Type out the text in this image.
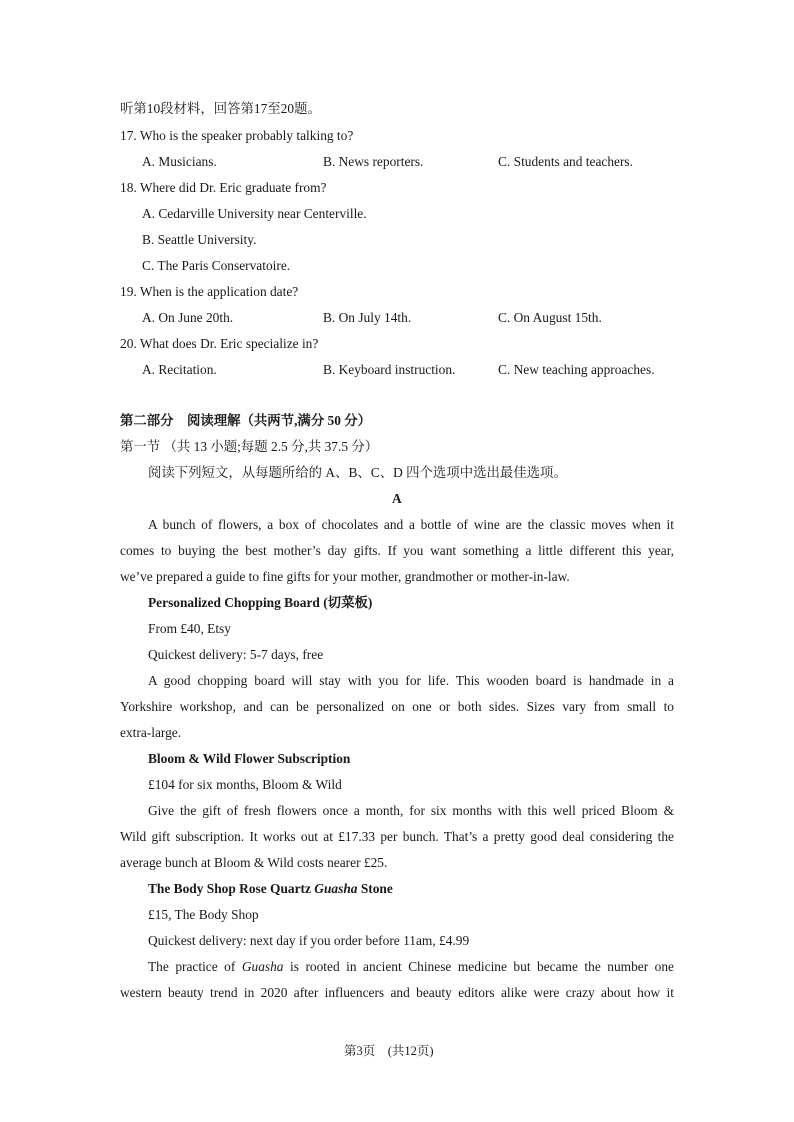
听第10段材料，回答第17至20题。
17. Who is the speaker probably talking to?
A. Musicians.	B. News reporters.	C. Students and teachers.
18. Where did Dr. Eric graduate from?
A. Cedarville University near Centerville.
B. Seattle University.
C. The Paris Conservatoire.
19. When is the application date?
A. On June 20th.	B. On July 14th.	C. On August 15th.
20. What does Dr. Eric specialize in?
A. Recitation.	B. Keyboard instruction.	C. New teaching approaches.
第二部分　阅读理解（共两节,满分 50 分）
第一节 （共 13 小题;每题 2.5 分,共 37.5 分）
阅读下列短文，从每题所给的 A、B、C、D 四个选项中选出最佳选项。
A
A bunch of flowers, a box of chocolates and a bottle of wine are the classic moves when it
comes to buying the best mother’s day gifts. If you want something a little different this year,
we’ve prepared a guide to fine gifts for your mother, grandmother or mother-in-law.
Personalized Chopping Board (切菜板)
From £40, Etsy
Quickest delivery: 5-7 days, free
A good chopping board will stay with you for life. This wooden board is handmade in a
Yorkshire workshop, and can be personalized on one or both sides. Sizes vary from small to
extra-large.
Bloom & Wild Flower Subscription
£104 for six months, Bloom & Wild
Give the gift of fresh flowers once a month, for six months with this well priced Bloom &
Wild gift subscription. It works out at £17.33 per bunch. That’s a pretty good deal considering the
average bunch at Bloom & Wild costs nearer £25.
The Body Shop Rose Quartz Guasha Stone
£15, The Body Shop
Quickest delivery: next day if you order before 11am, £4.99
The practice of Guasha is rooted in ancient Chinese medicine but became the number one
western beauty trend in 2020 after influencers and beauty editors alike were crazy about how it
第3页　(共12页)
